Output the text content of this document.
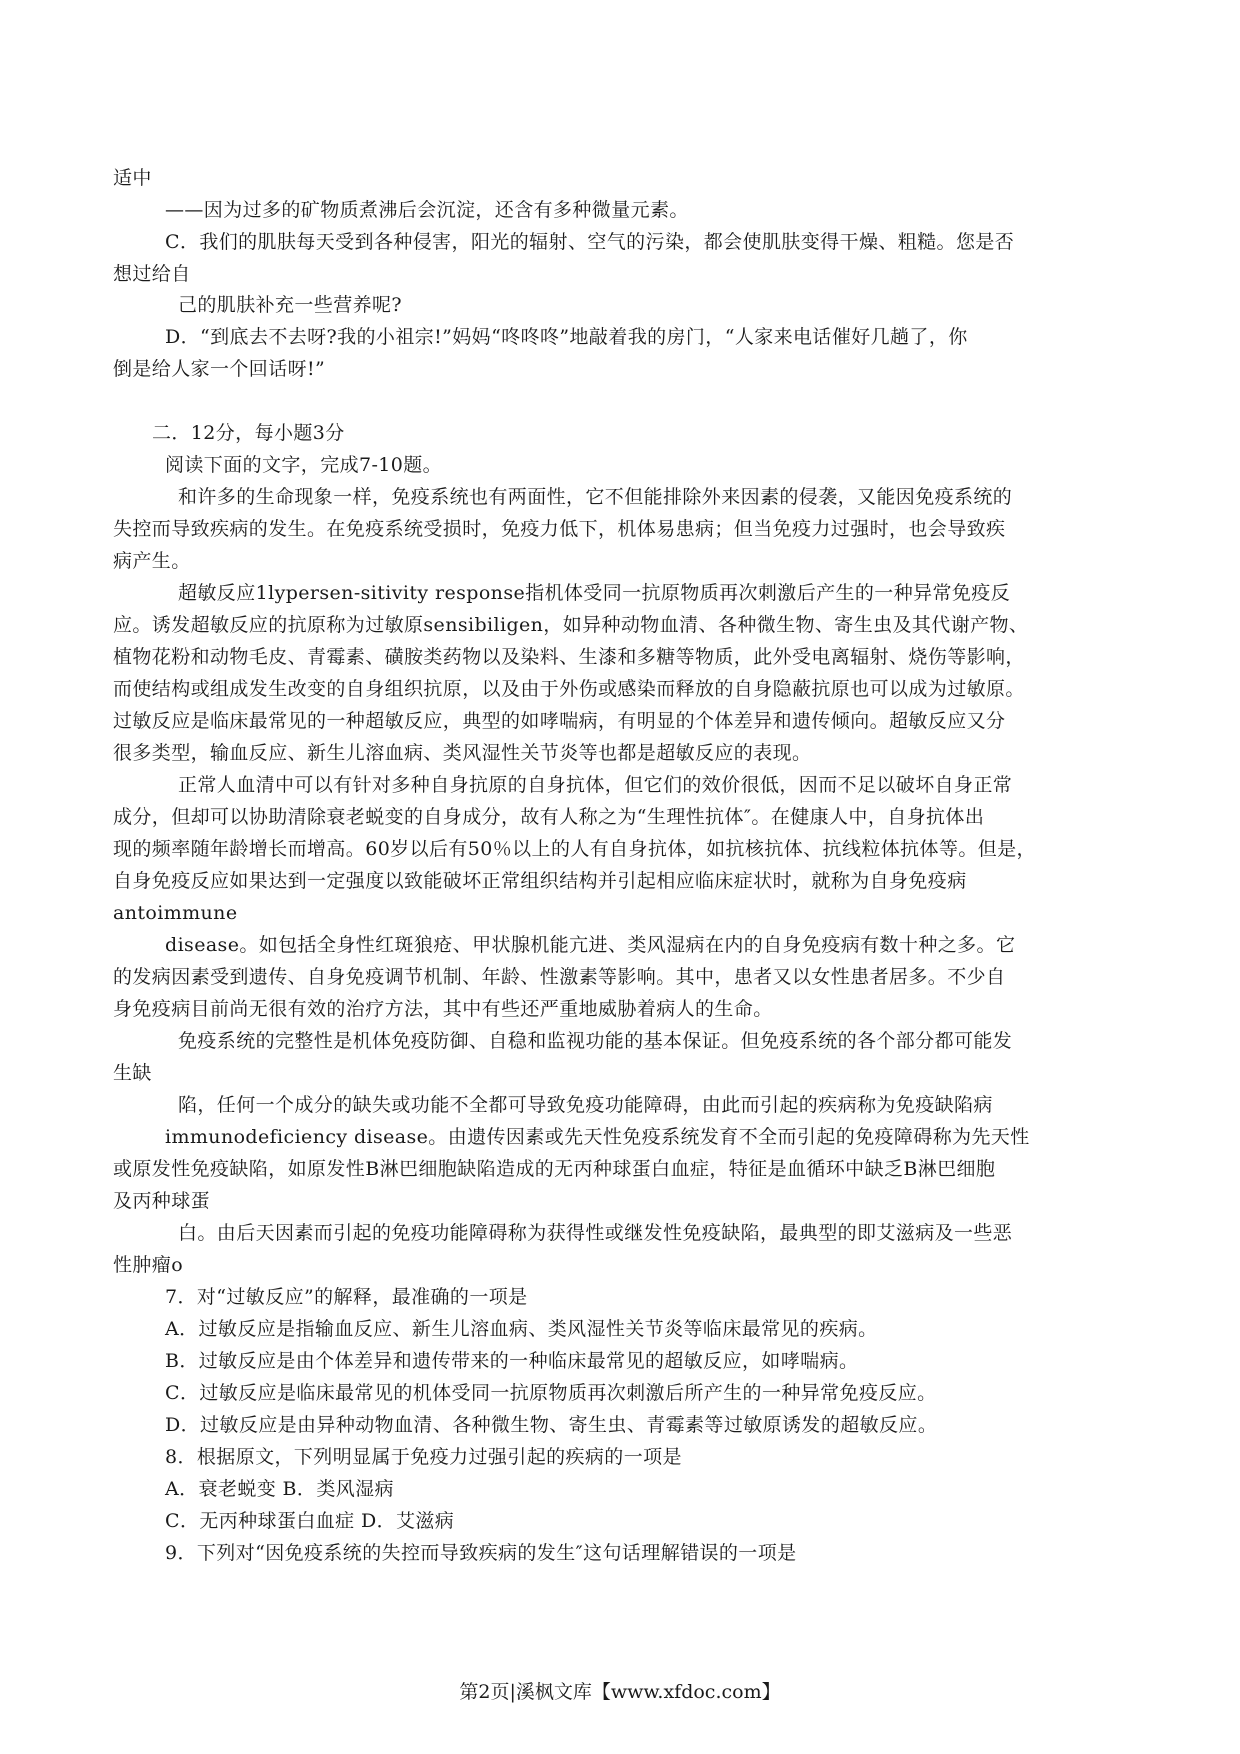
适中
——因为过多的矿物质煮沸后会沉淀，还含有多种微量元素。
C．我们的肌肤每天受到各种侵害，阳光的辐射、空气的污染，都会使肌肤变得干燥、粗糙。您是否
想过给自
己的肌肤补充一些营养呢?
D．“到底去不去呀?我的小祖宗!”妈妈“咚咚咚”地敲着我的房门，“人家来电话催好几趟了，你
倒是给人家一个回话呀!”
二．12分，每小题3分
阅读下面的文字，完成7-10题。
和许多的生命现象一样，免疫系统也有两面性，它不但能排除外来因素的侵袭，又能因免疫系统的
失控而导致疾病的发生。在免疫系统受损时，免疫力低下，机体易患病；但当免疫力过强时，也会导致疾
病产生。
超敏反应1lypersen-sitivity response指机体受同一抗原物质再次刺激后产生的一种异常免疫反
应。诱发超敏反应的抗原称为过敏原sensibiligen，如异种动物血清、各种微生物、寄生虫及其代谢产物、
植物花粉和动物毛皮、青霉素、磺胺类药物以及染料、生漆和多糖等物质，此外受电离辐射、烧伤等影响，
而使结构或组成发生改变的自身组织抗原，以及由于外伤或感染而释放的自身隐蔽抗原也可以成为过敏原。
过敏反应是临床最常见的一种超敏反应，典型的如哮喘病，有明显的个体差异和遗传倾向。超敏反应又分
很多类型，输血反应、新生儿溶血病、类风湿性关节炎等也都是超敏反应的表现。
正常人血清中可以有针对多种自身抗原的自身抗体，但它们的效价很低，因而不足以破坏自身正常
成分，但却可以协助清除衰老蜕变的自身成分，故有人称之为“生理性抗体″。在健康人中，自身抗体出
现的频率随年龄增长而增高。60岁以后有50％以上的人有自身抗体，如抗核抗体、抗线粒体抗体等。但是，
自身免疫反应如果达到一定强度以致能破坏正常组织结构并引起相应临床症状时，就称为自身免疫病
antoimmune
disease。如包括全身性红斑狼疮、甲状腺机能亢进、类风湿病在内的自身免疫病有数十种之多。它
的发病因素受到遗传、自身免疫调节机制、年龄、性激素等影响。其中，患者又以女性患者居多。不少自
身免疫病目前尚无很有效的治疗方法，其中有些还严重地威胁着病人的生命。
免疫系统的完整性是机体免疫防御、自稳和监视功能的基本保证。但免疫系统的各个部分都可能发
生缺
陷，任何一个成分的缺失或功能不全都可导致免疫功能障碍，由此而引起的疾病称为免疫缺陷病
immunodeficiency disease。由遗传因素或先天性免疫系统发育不全而引起的免疫障碍称为先天性
或原发性免疫缺陷，如原发性B淋巴细胞缺陷造成的无丙种球蛋白血症，特征是血循环中缺乏B淋巴细胞
及丙种球蛋
白。由后天因素而引起的免疫功能障碍称为获得性或继发性免疫缺陷，最典型的即艾滋病及一些恶
性肿瘤o
7．对“过敏反应”的解释，最准确的一项是
A．过敏反应是指输血反应、新生儿溶血病、类风湿性关节炎等临床最常见的疾病。
B．过敏反应是由个体差异和遗传带来的一种临床最常见的超敏反应，如哮喘病。
C．过敏反应是临床最常见的机体受同一抗原物质再次刺激后所产生的一种异常免疫反应。
D．过敏反应是由异种动物血清、各种微生物、寄生虫、青霉素等过敏原诱发的超敏反应。
8．根据原文，下列明显属于免疫力过强引起的疾病的一项是
A．衰老蜕变 B．类风湿病
C．无丙种球蛋白血症 D．艾滋病
9．下列对“因免疫系统的失控而导致疾病的发生″这句话理解错误的一项是
第2页|溪枫文库【www.xfdoc.com】
